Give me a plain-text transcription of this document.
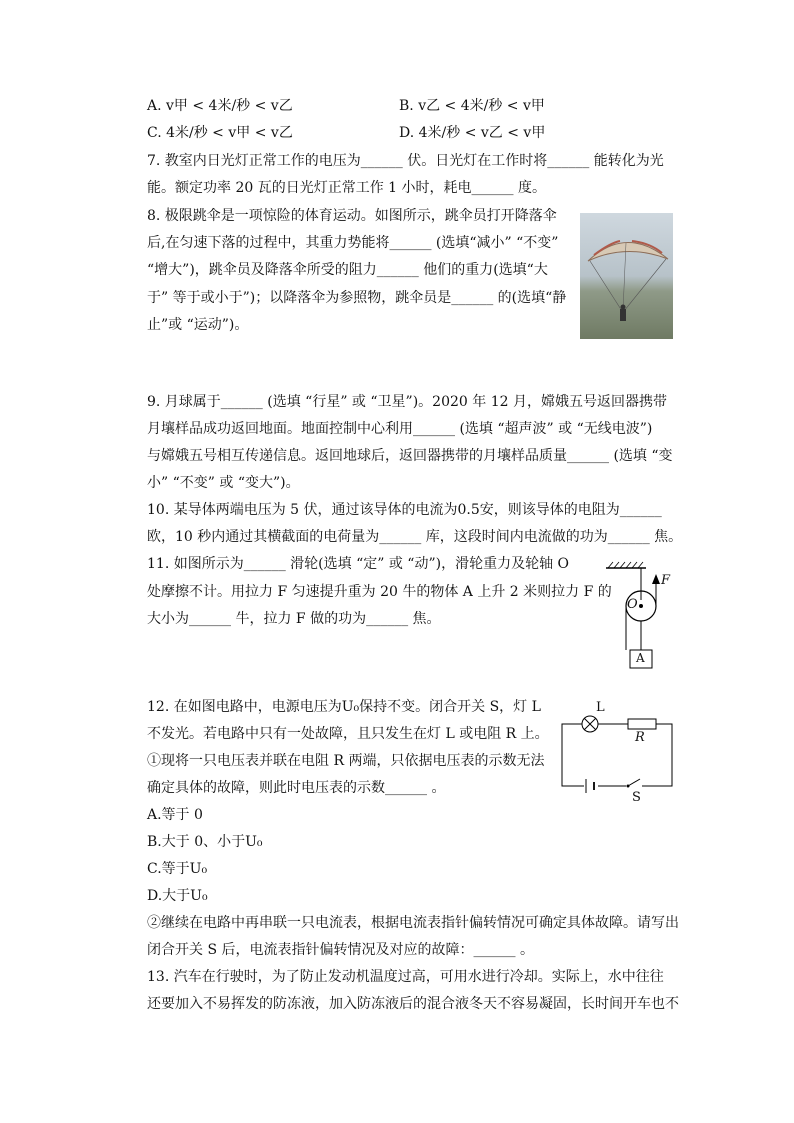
A. v甲 < 4米/秒 < v乙	B. v乙 < 4米/秒 < v甲
C. 4米/秒 < v甲 < v乙	D. 4米/秒 < v乙 < v甲
7. 教室内日光灯正常工作的电压为______ 伏。日光灯在工作时将______ 能转化为光
能。额定功率 20 瓦的日光灯正常工作 1 小时，耗电______ 度。
8. 极限跳伞是一项惊险的体育运动。如图所示，跳伞员打开降落伞
后,在匀速下落的过程中，其重力势能将______ (选填“减小” “不变”
“增大”)，跳伞员及降落伞所受的阻力______ 他们的重力(选填“大
于” 等于或小于”)；以降落伞为参照物，跳伞员是______ 的(选填“静
止”或 “运动”)。
9. 月球属于______ (选填 “行星” 或 “卫星”)。2020 年 12 月，嫦娥五号返回器携带
月壤样品成功返回地面。地面控制中心利用______ (选填 “超声波” 或 “无线电波”)
与嫦娥五号相互传递信息。返回地球后，返回器携带的月壤样品质量______ (选填 “变
小” “不变” 或 “变大”)。
10. 某导体两端电压为 5 伏，通过该导体的电流为0.5安，则该导体的电阻为______
欧，10 秒内通过其横截面的电荷量为______ 库，这段时间内电流做的功为______ 焦。
11. 如图所示为______ 滑轮(选填 “定” 或 “动”)，滑轮重力及轮轴 O
处摩擦不计。用拉力 F 匀速提升重为 20 牛的物体 A 上升 2 米则拉力 F 的
大小为______ 牛，拉力 F 做的功为______ 焦。
F
O
A
12. 在如图电路中，电源电压为U₀保持不变。闭合开关 S，灯 L
不发光。若电路中只有一处故障，且只发生在灯 L 或电阻 R 上。
①现将一只电压表并联在电阻 R 两端，只依据电压表的示数无法
确定具体的故障，则此时电压表的示数______ 。
L
R
S
A.等于 0
B.大于 0、小于U₀
C.等于U₀
D.大于U₀
②继续在电路中再串联一只电流表，根据电流表指针偏转情况可确定具体故障。请写出
闭合开关 S 后，电流表指针偏转情况及对应的故障：______ 。
13. 汽车在行驶时，为了防止发动机温度过高，可用水进行冷却。实际上，水中往往
还要加入不易挥发的防冻液，加入防冻液后的混合液冬天不容易凝固，长时间开车也不
